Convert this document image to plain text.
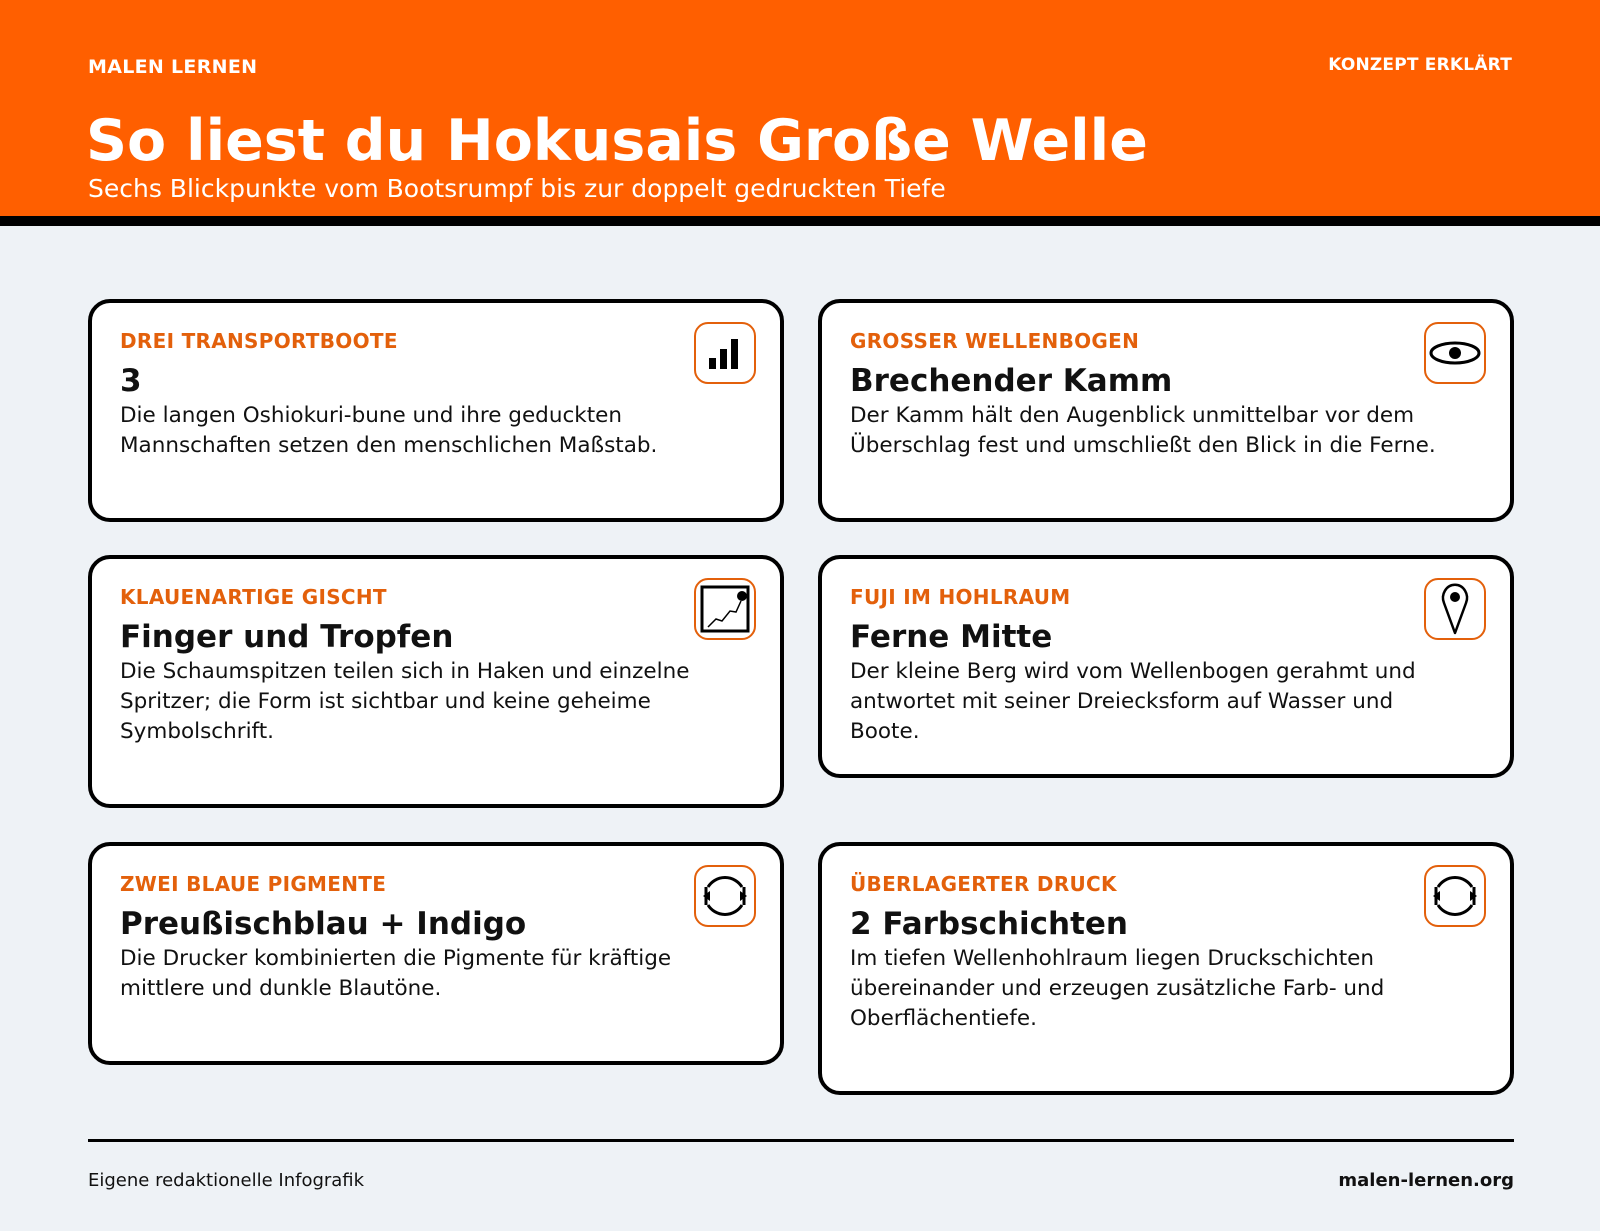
MALEN LERNEN	KONZEPT ERKLÄRT
So liest du Hokusais Große Welle
Sechs Blickpunkte vom Bootsrumpf bis zur doppelt gedruckten Tiefe
DREI TRANSPORTBOOTE
3
Die langen Oshiokuri-bune und ihre geduckten Mannschaften setzen den menschlichen Maßstab.
GROSSER WELLENBOGEN
Brechender Kamm
Der Kamm hält den Augenblick unmittelbar vor dem Überschlag fest und umschließt den Blick in die Ferne.
KLAUENARTIGE GISCHT
Finger und Tropfen
Die Schaumspitzen teilen sich in Haken und einzelne Spritzer; die Form ist sichtbar und keine geheime Symbolschrift.
FUJI IM HOHLRAUM
Ferne Mitte
Der kleine Berg wird vom Wellenbogen gerahmt und antwortet mit seiner Dreiecksform auf Wasser und Boote.
ZWEI BLAUE PIGMENTE
Preußischblau + Indigo
Die Drucker kombinierten die Pigmente für kräftige mittlere und dunkle Blautöne.
ÜBERLAGERTER DRUCK
2 Farbschichten
Im tiefen Wellenhohlraum liegen Druckschichten übereinander und erzeugen zusätzliche Farb- und Oberflächentiefe.
Eigene redaktionelle Infografik	malen-lernen.org
